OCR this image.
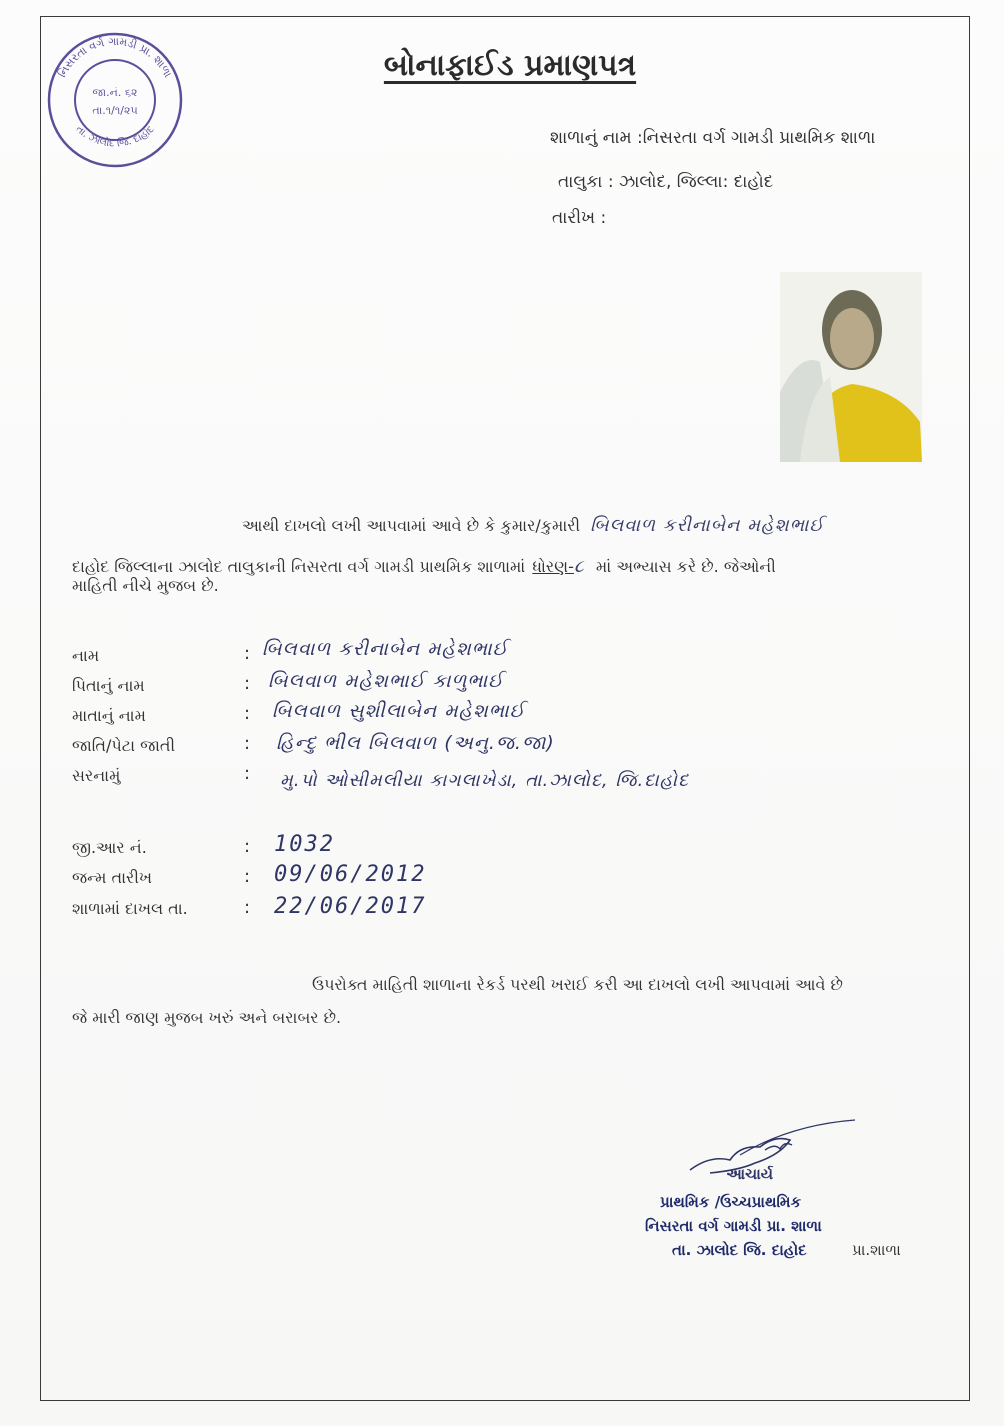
નિસરતા વર્ગ ગામડી પ્રા. શાળા
તા. ઝાલોદ જિ. દાહોદ
જા.નં. ૬૨
તા.૧/૧/૨૫
બોનાફાઈડ પ્રમાણપત્ર
શાળાનું નામ :નિસરતા વર્ગ ગામડી પ્રાથમિક શાળા
તાલુકા : ઝાલોદ, જિલ્લા: દાહોદ
તારીખ :
આથી દાખલો લખી આપવામાં આવે છે કે કુમાર/કુમારી બિલવાળ કરીનાબેન મહેશભાઈ
દાહોદ જિલ્લાના ઝાલોદ તાલુકાની નિસરતા વર્ગ ગામડી પ્રાથમિક શાળામાં ધોરણ-૮ માં અભ્યાસ કરે છે. જેઓની
માહિતી નીચે મુજબ છે.
નામ	: બિલવાળ કરીનાબેન મહેશભાઈ
પિતાનું નામ	: બિલવાળ મહેશભાઈ કાળુભાઈ
માતાનું નામ	: બિલવાળ સુશીલાબેન મહેશભાઈ
જાતિ/પેટા જાતી	: હિન્દુ ભીલ બિલવાળ (અનુ.જ.જા)
સરનામું	: મુ.પો ઓસીમલીયા કાગલાખેડા, તા.ઝાલોદ, જિ.દાહોદ
જી.આર નં.	: 1032
જન્મ તારીખ	: 09/06/2012
શાળામાં દાખલ તા.	: 22/06/2017
ઉપરોક્ત માહિતી શાળાના રેકર્ડ પરથી ખરાઈ કરી આ દાખલો લખી આપવામાં આવે છે
જે મારી જાણ મુજબ ખરું અને બરાબર છે.
આચાર્ય
પ્રાથમિક /ઉચ્ચપ્રાથમિક
નિસરતા વર્ગ ગામડી પ્રા. શાળા
તા. ઝાલોદ જિ. દાહોદ	પ્રા.શાળા
